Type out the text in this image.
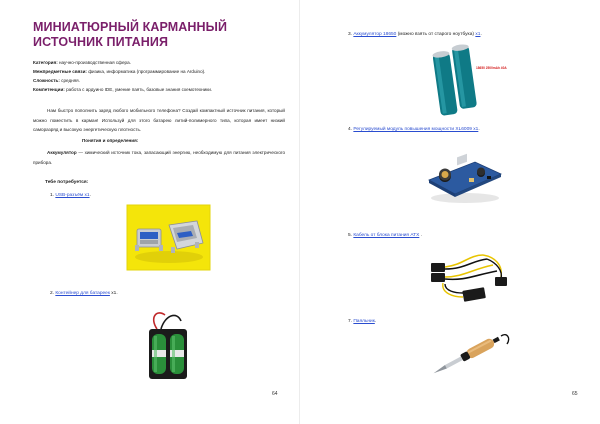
МИНИАТЮРНЫЙ КАРМАННЫЙ ИСТОЧНИК ПИТАНИЯ
Категория: научно-производственная сфера.
Межпредметные связи: физика, информатика (программирование на Arduino).
Сложность: средняя.
Компетенции: работа с ардуино IDE, умение паять, базовые знания схемотехники.
Нам быстро пополнить заряд любого мобильного телефона? Создай компактный источник питания, который можно поместить в карман! Используй для этого батарею литий-полимерного типа, которая имеет низкий саморазряд и высокую энергетическую плотность.
Понятия и определения:
Аккумулятор — химический источник тока, запасающий энергию, необходимую для питания электрического прибора.
Тебе потребуется:
1. USB-разъём x1.
2. Контейнер для батареек x1.
64
3. Аккумулятор 18650 (можно взять от старого ноутбука) x1.
18650 2500mAh 40A
4. Регулируемый модуль повышения мощности XL6009 x1.
5. Кабель от блока питания АТХ .
7. Паяльник.
65
